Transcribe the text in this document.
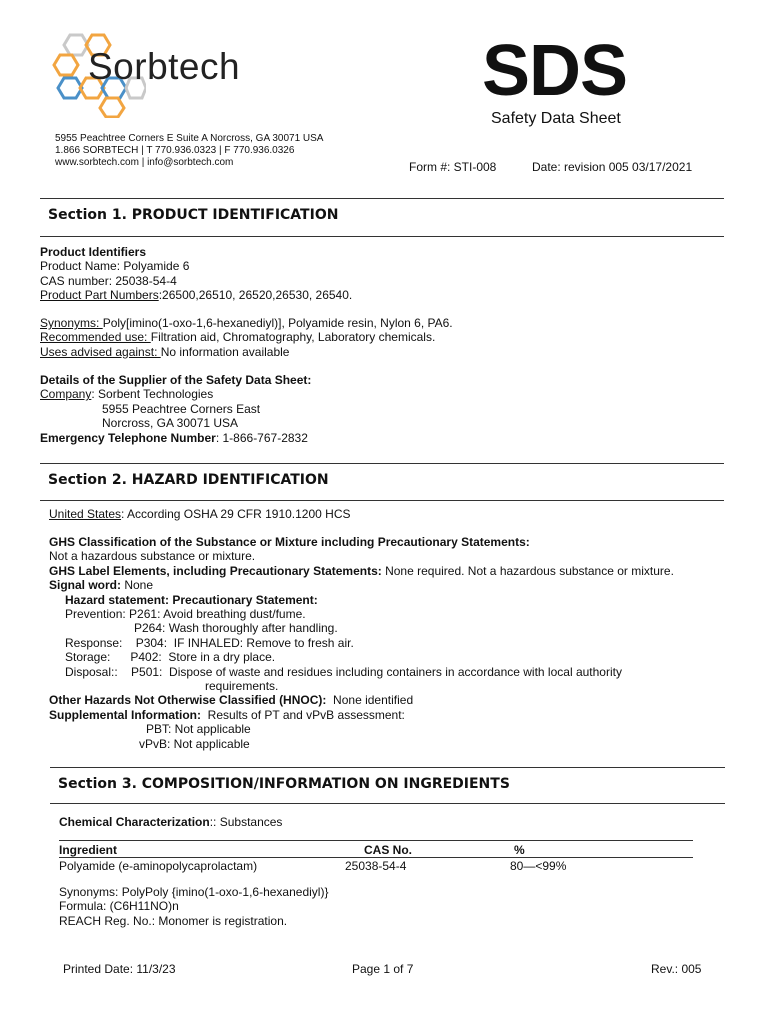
Sorbtech	SDS
Safety Data Sheet
5955 Peachtree Corners E Suite A Norcross, GA 30071 USA
1.866 SORBTECH | T 770.936.0323 | F 770.936.0326
www.sorbtech.com | info@sorbtech.com	Form #: STI-008	Date: revision 005 03/17/2021
Section 1. PRODUCT IDENTIFICATION
Product Identifiers
Product Name: Polyamide 6
CAS number: 25038-54-4
Product Part Numbers:26500,26510, 26520,26530, 26540.
Synonyms: Poly[imino(1-oxo-1,6-hexanediyl)], Polyamide resin, Nylon 6, PA6.
Recommended use: Filtration aid, Chromatography, Laboratory chemicals.
Uses advised against: No information available
Details of the Supplier of the Safety Data Sheet:
Company: Sorbent Technologies
5955 Peachtree Corners East
Norcross, GA 30071 USA
Emergency Telephone Number: 1-866-767-2832
Section 2. HAZARD IDENTIFICATION
United States: According OSHA 29 CFR 1910.1200 HCS
GHS Classification of the Substance or Mixture including Precautionary Statements:
Not a hazardous substance or mixture.
GHS Label Elements, including Precautionary Statements: None required. Not a hazardous substance or mixture.
Signal word: None
Hazard statement: Precautionary Statement:
Prevention: P261: Avoid breathing dust/fume.
P264: Wash thoroughly after handling.
Response:    P304:  IF INHALED: Remove to fresh air.
Storage:      P402:  Store in a dry place.
Disposal::    P501:  Dispose of waste and residues including containers in accordance with local authority
requirements.
Other Hazards Not Otherwise Classified (HNOC):  None identified
Supplemental Information:  Results of PT and vPvB assessment:
PBT: Not applicable
vPvB: Not applicable
Section 3. COMPOSITION/INFORMATION ON INGREDIENTS
Chemical Characterization:: Substances
Ingredient	CAS No.	%
Polyamide (e-aminopolycaprolactam)	25038-54-4	80—<99%
Synonyms: PolyPoly {imino(1-oxo-1,6-hexanediyl)}
Formula: (C6H11NO)n
REACH Reg. No.: Monomer is registration.
Printed Date: 11/3/23	Page 1 of 7	Rev.: 005
